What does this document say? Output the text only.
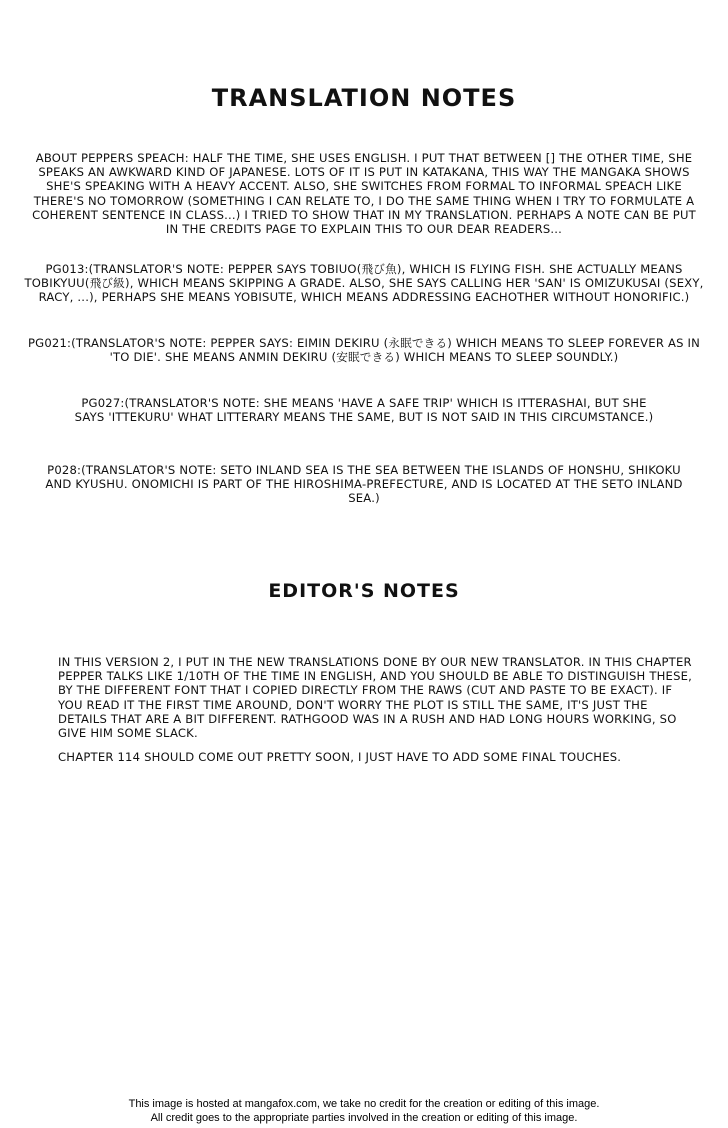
TRANSLATION NOTES

ABOUT PEPPERS SPEACH: HALF THE TIME, SHE USES ENGLISH. I PUT THAT BETWEEN [] THE OTHER TIME, SHE SPEAKS AN AWKWARD KIND OF JAPANESE. LOTS OF IT IS PUT IN KATAKANA, THIS WAY THE MANGAKA SHOWS SHE'S SPEAKING WITH A HEAVY ACCENT. ALSO, SHE SWITCHES FROM FORMAL TO INFORMAL SPEACH LIKE THERE'S NO TOMORROW (SOMETHING I CAN RELATE TO, I DO THE SAME THING WHEN I TRY TO FORMULATE A COHERENT SENTENCE IN CLASS...) I TRIED TO SHOW THAT IN MY TRANSLATION. PERHAPS A NOTE CAN BE PUT IN THE CREDITS PAGE TO EXPLAIN THIS TO OUR DEAR READERS...

PG013:(TRANSLATOR'S NOTE: PEPPER SAYS TOBIUO(飛び魚), WHICH IS FLYING FISH. SHE ACTUALLY MEANS TOBIKYUU(飛び級), WHICH MEANS SKIPPING A GRADE. ALSO, SHE SAYS CALLING HER 'SAN' IS OMIZUKUSAI (SEXY, RACY, ...), PERHAPS SHE MEANS YOBISUTE, WHICH MEANS ADDRESSING EACHOTHER WITHOUT HONORIFIC.)

PG021:(TRANSLATOR'S NOTE: PEPPER SAYS: EIMIN DEKIRU (永眠できる) WHICH MEANS TO SLEEP FOREVER AS IN 'TO DIE'. SHE MEANS ANMIN DEKIRU (安眠できる) WHICH MEANS TO SLEEP SOUNDLY.)

PG027:(TRANSLATOR'S NOTE: SHE MEANS 'HAVE A SAFE TRIP' WHICH IS ITTERASHAI, BUT SHE SAYS 'ITTEKURU' WHAT LITTERARY MEANS THE SAME, BUT IS NOT SAID IN THIS CIRCUMSTANCE.)

P028:(TRANSLATOR'S NOTE: SETO INLAND SEA IS THE SEA BETWEEN THE ISLANDS OF HONSHU, SHIKOKU AND KYUSHU. ONOMICHI IS PART OF THE HIROSHIMA-PREFECTURE, AND IS LOCATED AT THE SETO INLAND SEA.)

EDITOR'S NOTES

IN THIS VERSION 2, I PUT IN THE NEW TRANSLATIONS DONE BY OUR NEW TRANSLATOR. IN THIS CHAPTER PEPPER TALKS LIKE 1/10TH OF THE TIME IN ENGLISH, AND YOU SHOULD BE ABLE TO DISTINGUISH THESE, BY THE DIFFERENT FONT THAT I COPIED DIRECTLY FROM THE RAWS (CUT AND PASTE TO BE EXACT). IF YOU READ IT THE FIRST TIME AROUND, DON'T WORRY THE PLOT IS STILL THE SAME, IT'S JUST THE DETAILS THAT ARE A BIT DIFFERENT. RATHGOOD WAS IN A RUSH AND HAD LONG HOURS WORKING, SO GIVE HIM SOME SLACK.

CHAPTER 114 SHOULD COME OUT PRETTY SOON, I JUST HAVE TO ADD SOME FINAL TOUCHES.

This image is hosted at mangafox.com, we take no credit for the creation or editing of this image.
All credit goes to the appropriate parties involved in the creation or editing of this image.
